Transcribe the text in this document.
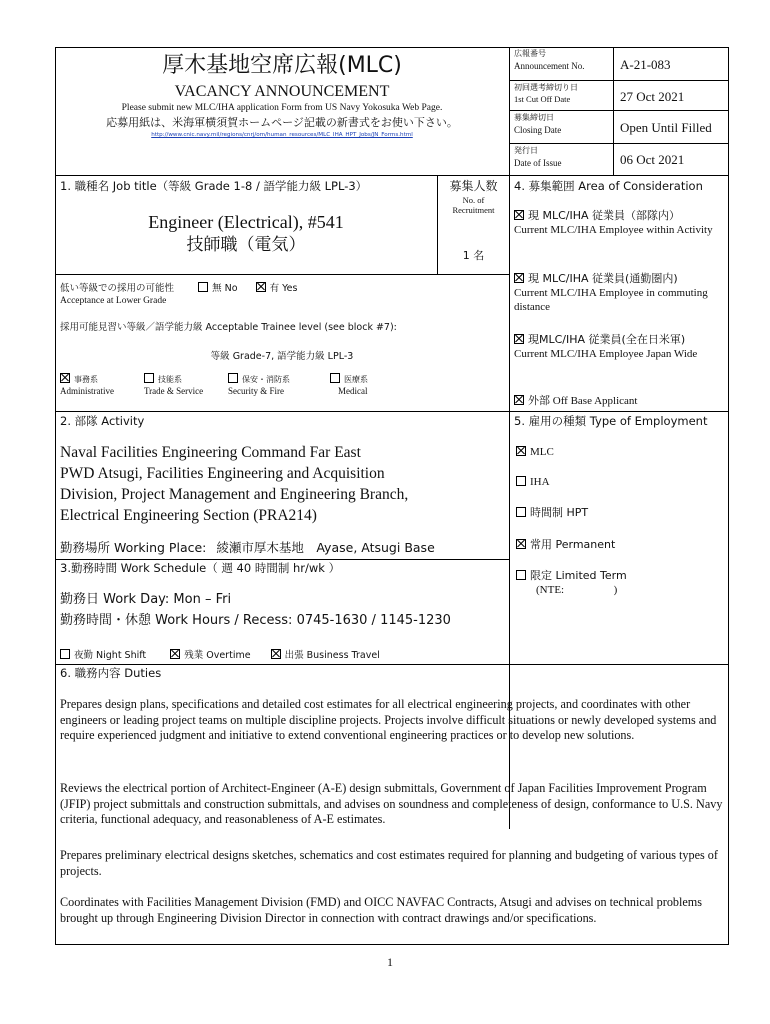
厚木基地空席広報(MLC)
VACANCY ANNOUNCEMENT
Please submit new MLC/IHA application Form from US Navy Yokosuka Web Page.
応募用紙は、米海軍横須賀ホームページ記載の新書式をお使い下さい。
http://www.cnic.navy.mil/regions/cnrj/om/human_resources/MLC_IHA_HPT_Jobs/JN_Forms.html
広報番号
Announcement No.	A-21-083
初回選考締切り日
1st Cut Off Date	27 Oct 2021
募集締切日
Closing Date	Open Until Filled
発行日
Date of Issue	06 Oct 2021
1. 職種名 Job title（等級 Grade 1-8 / 語学能力級 LPL-3）
Engineer (Electrical), #541
技師職（電気）
募集人数
No. of
Recruitment
1 名
低い等級での採用の可能性	無 No	有 Yes
Acceptance at Lower Grade
採用可能見習い等級／語学能力級 Acceptable Trainee level (see block #7):
等級 Grade-7, 語学能力級 LPL-3
事務系
Administrative
技能系
Trade & Service
保安・消防系
Security & Fire
医療系
Medical
4. 募集範囲 Area of Consideration
現 MLC/IHA 従業員（部隊内）
Current MLC/IHA Employee within Activity
現 MLC/IHA 従業員(通勤圏内)
Current MLC/IHA Employee in commuting distance
現MLC/IHA 従業員(全在日米軍)
Current MLC/IHA Employee Japan Wide
外部 Off Base Applicant
2. 部隊 Activity
Naval Facilities Engineering Command Far East
PWD Atsugi, Facilities Engineering and Acquisition
Division, Project Management and Engineering Branch,
Electrical Engineering Section (PRA214)
勤務場所 Working Place: 綾瀬市厚木基地　Ayase, Atsugi Base
5. 雇用の種類 Type of Employment
MLC
IHA
時間制 HPT
常用 Permanent
限定 Limited Term
(NTE:                  )
3.勤務時間 Work Schedule（ 週 40 時間制 hr/wk ）
勤務日 Work Day: Mon – Fri
勤務時間・休憩 Work Hours / Recess: 0745-1630 / 1145-1230
夜勤 Night Shift	残業 Overtime	出張 Business Travel
6. 職務内容 Duties
Prepares design plans, specifications and detailed cost estimates for all electrical engineering projects, and coordinates with other engineers or leading project teams on multiple discipline projects. Projects involve difficult situations or newly developed systems and require experienced judgment and initiative to extend conventional engineering practices or to develop new solutions.
Reviews the electrical portion of Architect-Engineer (A-E) design submittals, Government of Japan Facilities Improvement Program (JFIP) project submittals and construction submittals, and advises on soundness and completeness of design, conformance to U.S. Navy criteria, functional adequacy, and reasonableness of A-E estimates.
Prepares preliminary electrical designs sketches, schematics and cost estimates required for planning and budgeting of various types of projects.
Coordinates with Facilities Management Division (FMD) and OICC NAVFAC Contracts, Atsugi and advises on technical problems brought up through Engineering Division Director in connection with contract drawings and/or specifications.
1
